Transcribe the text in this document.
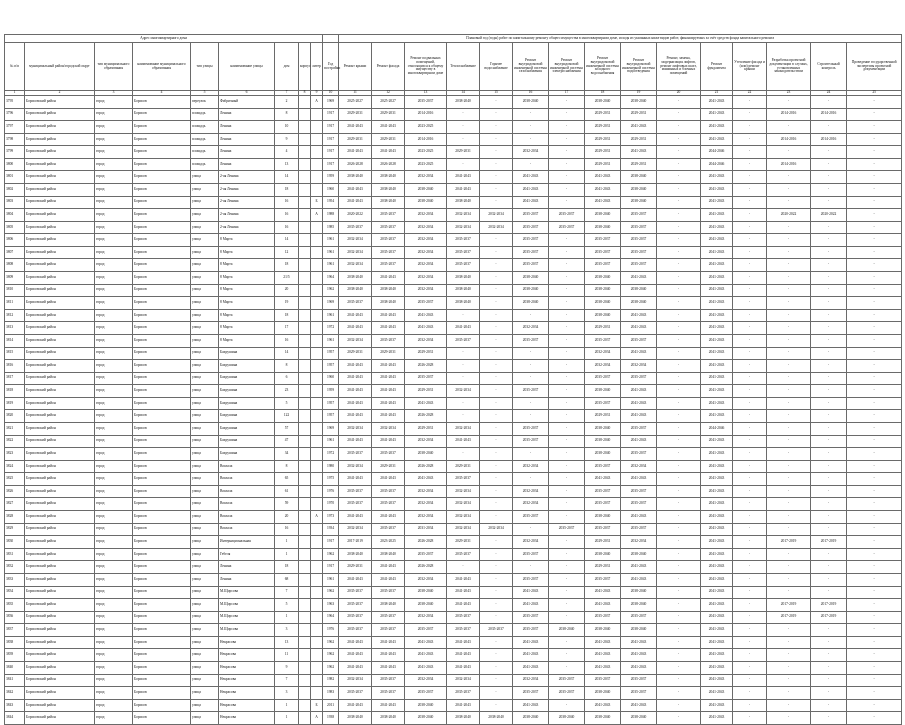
Адрес многоквартирного дома										Плановый год (годы) работ по капитальному ремонту общего имущества в многоквартирном доме, исходя из указанных ниже видов работ, финансируемых за счёт средств фонда капитального ремонта														
№ п/п	муниципальный район/городской округ	тип муниципального образования	наименование муниципального образования	тип улицы	наименование улицы	дом	корпус	литер	Год постройки	Ремонт крыши	Ремонт фасада	Ремонт подвальных помещений, относящихся к общему имуществу в многоквартирном доме	Теплоснабжение	Горячее водоснабжение	Ремонт внутридомовой инженерной системы газоснабжения	Ремонт внутридомовой инженерной системы электроснабжения	Ремонт внутридомовой инженерной системы холодного водоснабжения	Ремонт внутридомовой инженерной системы водоотведения	Ремонт, замена, модернизация лифтов, ремонт лифтовых шахт, машинных и блочных помещений	Ремонт фундамента	Утепление фасада и (или) ремонт крыши	Разработка проектной документации в случаях, установленных законодательством	Строительный контроль	Проведение государственной экспертизы проектной документации
1	2	3	4	5	6	7	8	9	10	11	12	13	14	15	16	17	18	19	20	21	22	23	24	25
3795	Борисовский район	город	Борисов	переулок	Фабричный	2		А	1969	2025-2027	2025-2027	2035-2037	2038-2040	-	2038-2040	-	2038-2040	2038-2040	-	2041-2043	-	-	-	-
3796	Борисовский район	город	Борисов	площадь	Ленина	8			1917	2029-2031	2029-2031	2014-2016	-	-	-	-	2029-2031	2029-2031	-	2041-2043	-	2014-2016	2014-2016	-
3797	Борисовский район	город	Борисов	площадь	Ленина	10			1917	2041-2043	2041-2043	2023-2025	-	-	-	-	2029-2031	2041-2043	-	2041-2043	-	-	-	-
3798	Борисовский район	город	Борисов	площадь	Ленина	9			1917	2029-2031	2029-2031	2014-2016	-	-	-	-	2029-2031	2029-2031	-	2041-2043	-	2014-2016	2014-2016	-
3799	Борисовский район	город	Борисов	площадь	Ленина	4			1917	2041-2043	2041-2043	2023-2025	2029-2031	-	2032-2034	-	2029-2031	2041-2043	-	2044-2046	-	-	-	-
3800	Борисовский район	город	Борисов	площадь	Ленина	13			1917	2026-2028	2026-2028	2023-2025	-	-	-	-	2029-2031	2029-2031	-	2044-2046	-	2014-2016	-	-
3801	Борисовский район	город	Борисов	улица	2-ая Ленина	14			1959	2038-2040	2038-2040	2032-2034	2041-2043	-	2041-2043	-	2041-2043	2038-2040	-	2041-2043	-	-	-	-
3802	Борисовский район	город	Борисов	улица	2-ая Ленина	18			1960	2041-2043	2038-2040	2038-2040	2041-2043	-	2041-2043	-	2041-2043	2038-2040	-	2041-2043	-	-	-	-
3803	Борисовский район	город	Борисов	улица	2-ая Ленина	16		Б	1954	2041-2043	2038-2040	2038-2040	2038-2040	-	2041-2043	-	2041-2043	2038-2040	-	2041-2043	-	-	-	-
3804	Борисовский район	город	Борисов	улица	2-ая Ленина	16		А	1988	2020-2022	2035-2037	2032-2034	2032-2034	2032-2034	2035-2037	2035-2037	2038-2040	2035-2037	-	2041-2043	-	2020-2022	2020-2022	-
3805	Борисовский район	город	Борисов	улица	2-ая Ленина	16			1985	2035-2037	2035-2037	2032-2034	2032-2034	2032-2034	2035-2037	2035-2037	2038-2040	2035-2037	-	2041-2043	-	-	-	-
3806	Борисовский район	город	Борисов	улица	8 Марта	14			1961	2032-2034	2035-2037	2032-2034	2035-2037	-	2035-2037	-	2035-2037	2035-2037	-	2041-2043	-	-	-	-
3807	Борисовский район	город	Борисов	улица	8 Марта	12			1961	2032-2034	2035-2037	2032-2034	2035-2037	-	2035-2037	-	2035-2037	2035-2037	-	2041-2043	-	-	-	-
3808	Борисовский район	город	Борисов	улица	8 Марта	18			1961	2032-2034	2035-2037	2032-2034	2035-2037	-	2035-2037	-	2035-2037	2035-2037	-	2041-2043	-	-	-	-
3809	Борисовский район	город	Борисов	улица	8 Марта	21/5			1964	2038-2040	2041-2043	2032-2034	2038-2040	-	2038-2040	-	2038-2040	2041-2043	-	2041-2043	-	-	-	-
3810	Борисовский район	город	Борисов	улица	8 Марта	20			1962	2038-2040	2038-2040	2032-2034	2038-2040	-	2038-2040	-	2038-2040	2038-2040	-	2041-2043	-	-	-	-
3811	Борисовский район	город	Борисов	улица	8 Марта	19			1969	2035-2037	2038-2040	2035-2037	2038-2040	-	2038-2040	-	2038-2040	2038-2040	-	2041-2043	-	-	-	-
3812	Борисовский район	город	Борисов	улица	8 Марта	18			1961	2041-2043	2041-2043	2041-2043	-	-	-	-	2038-2040	2041-2043	-	2041-2043	-	-	-	-
3813	Борисовский район	город	Борисов	улица	8 Марта	17			1972	2041-2043	2041-2043	2041-2043	2041-2043	-	2032-2034	-	2029-2031	2041-2043	-	2041-2043	-	-	-	-
3814	Борисовский район	город	Борисов	улица	8 Марта	16			1961	2032-2034	2035-2037	2032-2034	2035-2037	-	2035-2037	-	2035-2037	2035-2037	-	2041-2043	-	-	-	-
3815	Борисовский район	город	Борисов	улица	Бахрушина	14			1957	2029-2031	2029-2031	2029-2031	-	-	-	-	2032-2034	2041-2043	-	2041-2043	-	-	-	-
3816	Борисовский район	город	Борисов	улица	Бахрушина	8			1957	2041-2043	2041-2043	2026-2028	-	-	-	-	2032-2034	2032-2034	-	2041-2043	-	-	-	-
3817	Борисовский район	город	Борисов	улица	Бахрушина	6			1960	2041-2043	2041-2043	2035-2037	-	-	-	-	2035-2037	2035-2037	-	2041-2043	-	-	-	-
3818	Борисовский район	город	Борисов	улица	Бахрушина	23			1959	2041-2043	2041-2043	2029-2031	2032-2034	-	2035-2037	-	2038-2040	2041-2043	-	2041-2043	-	-	-	-
3819	Борисовский район	город	Борисов	улица	Бахрушина	5			1957	2041-2043	2041-2043	2041-2043	-	-	-	-	2035-2037	2041-2043	-	2041-2043	-	-	-	-
3820	Борисовский район	город	Борисов	улица	Бахрушина	122			1957	2041-2043	2041-2043	2026-2028	-	-	-	-	2029-2031	2041-2043	-	2041-2043	-	-	-	-
3821	Борисовский район	город	Борисов	улица	Бахрушина	57			1969	2032-2034	2032-2034	2029-2031	2032-2034	-	2035-2037	-	2038-2040	2035-2037	-	2044-2046	-	-	-	-
3822	Борисовский район	город	Борисов	улица	Бахрушина	47			1961	2041-2043	2041-2043	2032-2034	2041-2043	-	2035-2037	-	2038-2040	2041-2043	-	2041-2043	-	-	-	-
3823	Борисовский район	город	Борисов	улица	Бахрушина	34			1972	2035-2037	2035-2037	2038-2040	-	-	-	-	2038-2040	2035-2037	-	2041-2043	-	-	-	-
3824	Борисовский район	город	Борисов	улица	Вокзала	8			1980	2032-2034	2029-2031	2026-2028	2029-2031	-	2032-2034	-	2035-2037	2032-2034	-	2041-2043	-	-	-	-
3825	Борисовский район	город	Борисов	улица	Вокзала	65			1975	2041-2043	2041-2043	2041-2043	2035-2037	-	-	-	2041-2043	2041-2043	-	2041-2043	-	-	-	-
3826	Борисовский район	город	Борисов	улица	Вокзала	61			1976	2035-2037	2035-2037	2032-2034	2032-2034	-	2032-2034	-	2035-2037	2035-2037	-	2041-2043	-	-	-	-
3827	Борисовский район	город	Борисов	улица	Вокзала	59			1970	2035-2037	2035-2037	2032-2034	2032-2034	-	2032-2034	-	2035-2037	2035-2037	-	2041-2043	-	-	-	-
3828	Борисовский район	город	Борисов	улица	Вокзала	20		А	1973	2041-2043	2041-2043	2032-2034	2032-2034	-	2035-2037	-	2038-2040	2041-2043	-	2041-2043	-	-	-	-
3829	Борисовский район	город	Борисов	улица	Вокзала	16			1934	2032-2034	2035-2037	2031-2034	2032-2034	2032-2034	-	2035-2037	2035-2037	2035-2037	-	2041-2043	-	-	-	-
3830	Борисовский район	город	Борисов	улица	Интернациональная	1			1917	2017-2019	2023-2025	2026-2028	2029-2031	-	2032-2034	-	2029-2031	2032-2034	-	2041-2043	-	2017-2019	2017-2019	-
3831	Борисовский район	город	Борисов	улица	Гебеля	1			1962	2038-2040	2038-2040	2035-2037	2035-2037	-	2035-2037	-	2038-2040	2038-2040	-	2041-2043	-	-	-	-
3832	Борисовский район	город	Борисов	улица	Ленина	18			1917	2029-2031	2041-2043	2026-2028	-	-	-	-	2029-2031	2041-2043	-	2041-2043	-	-	-	-
3833	Борисовский район	город	Борисов	улица	Ленина	68			1961	2041-2043	2041-2043	2032-2034	2041-2043	-	2035-2037	-	2035-2037	2041-2043	-	2041-2043	-	-	-	-
3834	Борисовский район	город	Борисов	улица	М.Щорсова	7			1962	2035-2037	2035-2037	2038-2040	2041-2043	-	2041-2043	-	2041-2043	2038-2040	-	2041-2043	-	-	-	-
3835	Борисовский район	город	Борисов	улица	М.Щорсова	5			1963	2035-2037	2038-2040	2038-2040	2041-2043	-	2041-2043	-	2041-2043	2038-2040	-	2041-2043	-	2017-2019	2017-2019	-
3836	Борисовский район	город	Борисов	улица	М.Щорсова	1			1964	2035-2037	2035-2037	2032-2034	2035-2037	-	2035-2037	-	2035-2037	2035-2037	-	2041-2043	-	2017-2019	2017-2019	-
3837	Борисовский район	город	Борисов	улица	М.Щорсова	3			1976	2035-2037	2035-2037	2035-2037	2035-2037	2035-2037	2035-2037	2038-2040	2038-2040	2038-2040	-	2041-2043	-	-	-	-
3838	Борисовский район	город	Борисов	улица	Некрасова	13			1962	2041-2043	2041-2043	2041-2043	2041-2043	-	2041-2043	-	2041-2043	2041-2043	-	2041-2043	-	-	-	-
3839	Борисовский район	город	Борисов	улица	Некрасова	11			1962	2041-2043	2041-2043	2041-2043	2041-2043	-	2041-2043	-	2041-2043	2041-2043	-	2041-2043	-	-	-	-
3840	Борисовский район	город	Борисов	улица	Некрасова	9			1962	2041-2043	2041-2043	2041-2043	2041-2043	-	2041-2043	-	2041-2043	2041-2043	-	2041-2043	-	-	-	-
3841	Борисовский район	город	Борисов	улица	Некрасова	7			1982	2032-2034	2035-2037	2032-2034	2032-2034	-	2032-2034	2035-2037	2035-2037	2035-2037	-	2041-2043	-	-	-	-
3842	Борисовский район	город	Борисов	улица	Некрасова	3			1983	2035-2037	2035-2037	2035-2037	2035-2037	-	2035-2037	2035-2037	2038-2040	2035-2037	-	2041-2043	-	-	-	-
3843	Борисовский район	город	Борисов	улица	Некрасова	1		Б	2011	2041-2043	2041-2043	2038-2040	2041-2043	-	2041-2043	-	2041-2043	2041-2043	-	2041-2043	-	-	-	-
3844	Борисовский район	город	Борисов	улица	Некрасова	1		А	1938	2038-2040	2038-2040	2038-2040	2038-2040	2038-2040	2038-2040	2038-2040	2038-2040	2038-2040	-	2041-2043	-	-	-	-
